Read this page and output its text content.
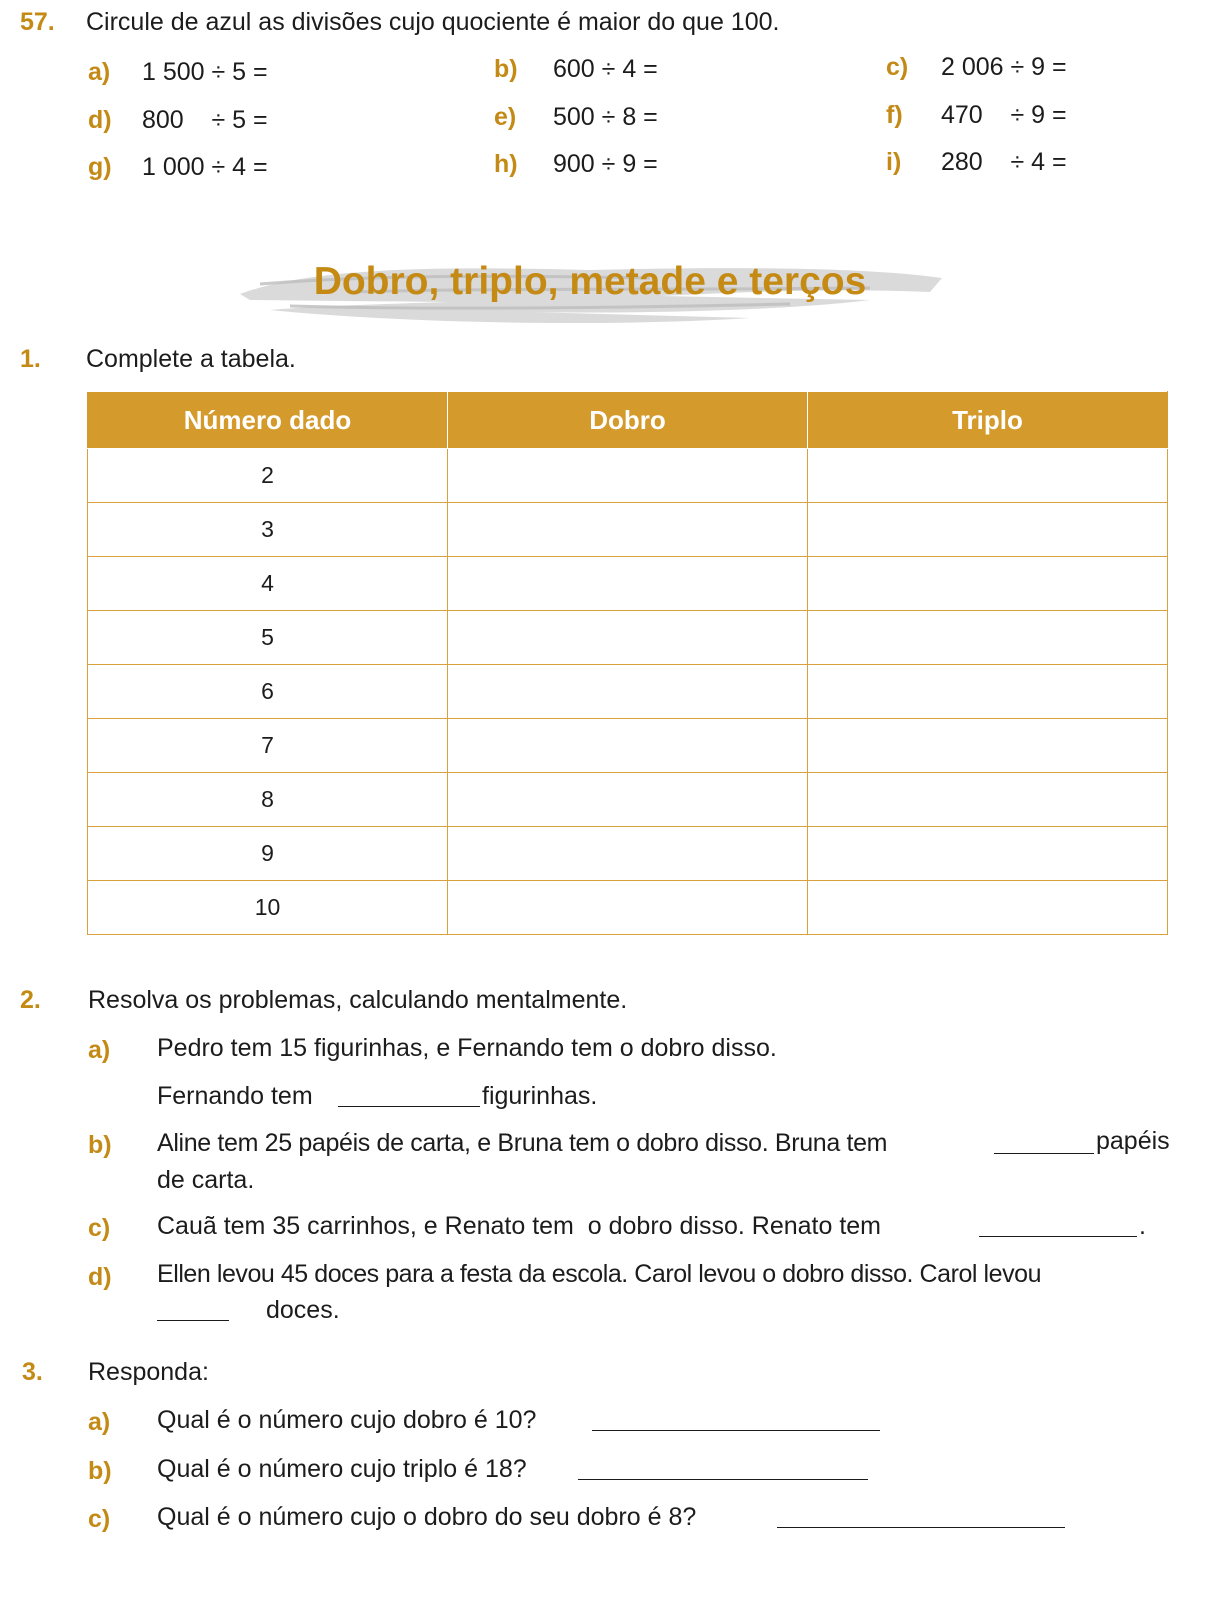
57. Circule de azul as divisões cujo quociente é maior do que 100.
a) 1 500 ÷ 5 =	b) 600 ÷ 4 =	c) 2 006 ÷ 9 =
d) 800    ÷ 5 =	e) 500 ÷ 8 =	f) 470    ÷ 9 =
g) 1 000 ÷ 4 =	h) 900 ÷ 9 =	i) 280    ÷ 4 =
Dobro, triplo, metade e terços
1. Complete a tabela.
Número dado	Dobro	Triplo
2		
3		
4		
5		
6		
7		
8		
9		
10		
2. Resolva os problemas, calculando mentalmente.
a) Pedro tem 15 figurinhas, e Fernando tem o dobro disso.
Fernando tem	figurinhas.
b) Aline tem 25 papéis de carta, e Bruna tem o dobro disso. Bruna tem	papéis
de carta.
c) Cauã tem 35 carrinhos, e Renato tem  o dobro disso. Renato tem	.
d) Ellen levou 45 doces para a festa da escola. Carol levou o dobro disso. Carol levou
doces.
3. Responda:
a) Qual é o número cujo dobro é 10?
b) Qual é o número cujo triplo é 18?
c) Qual é o número cujo o dobro do seu dobro é 8?
